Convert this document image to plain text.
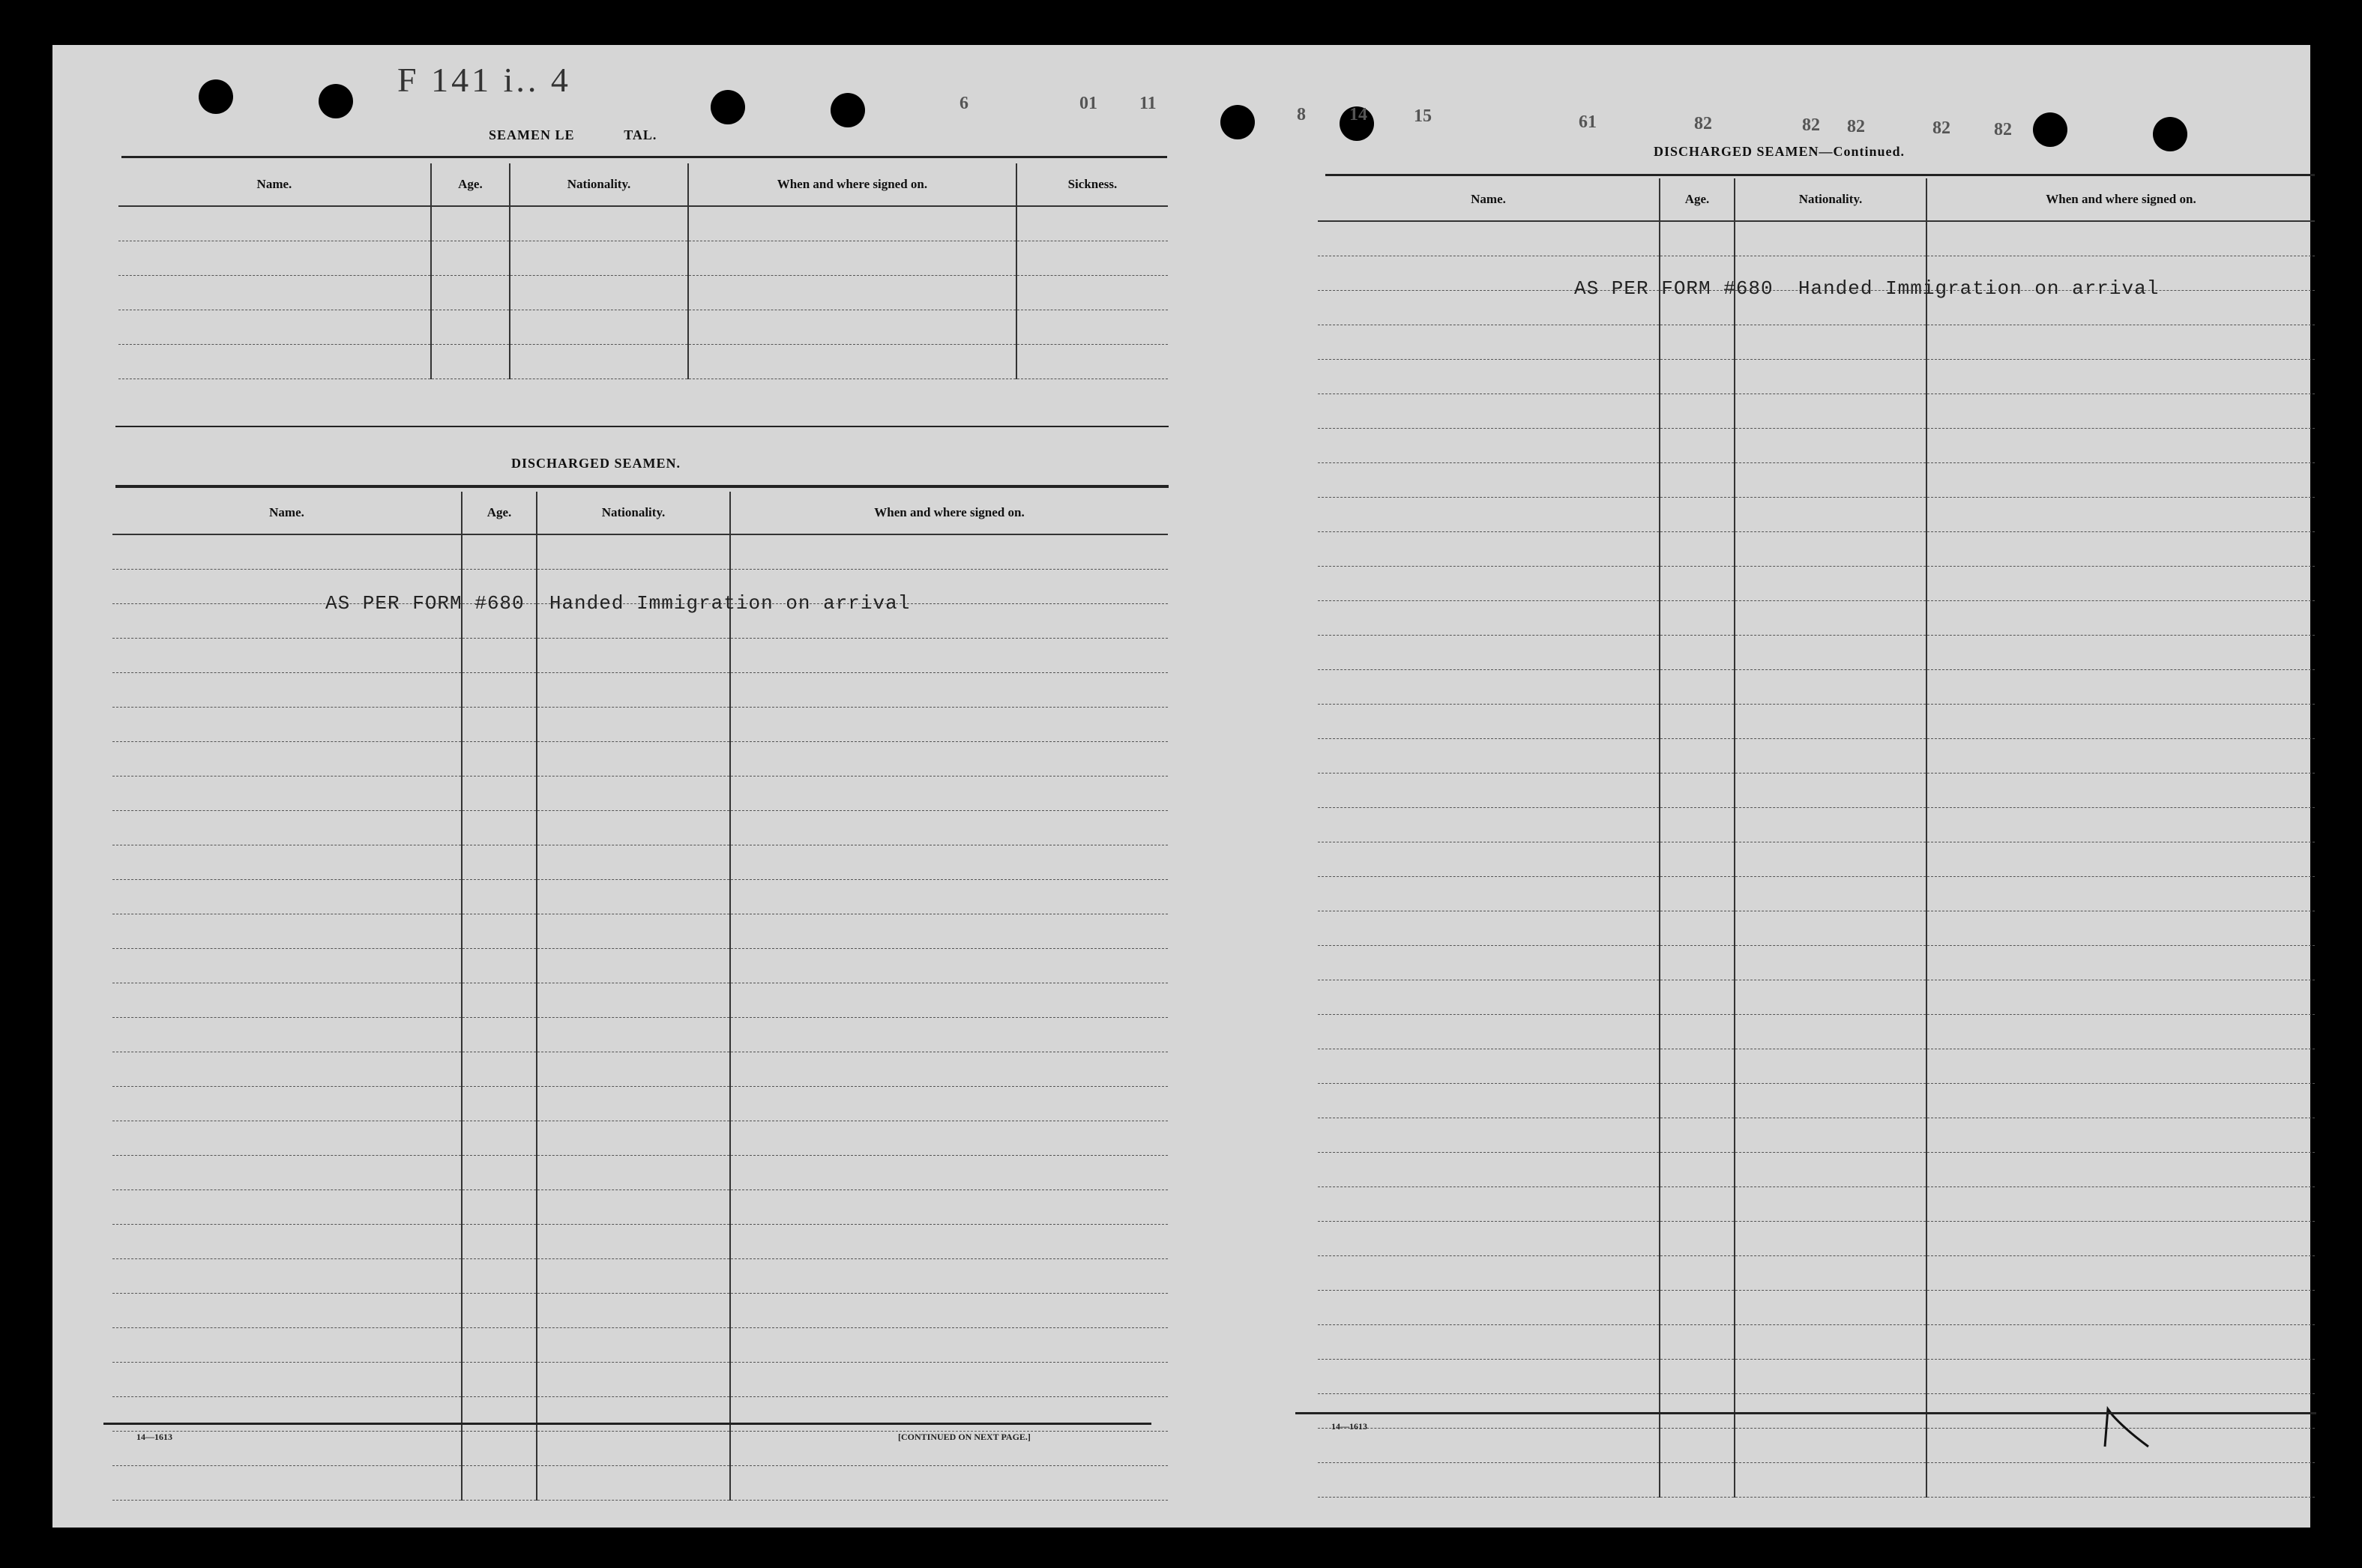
F 141 i.. 4
6	01 11
SEAMEN LE            TAL.
Name.	Age.	Nationality.	When and where signed on.	Sickness.

DISCHARGED SEAMEN.
Name.	Age.	Nationality.	When and where signed on.

AS PER FORM #680  Handed Immigration on arrival
14—1613	[CONTINUED ON NEXT PAGE.]
8 14	15	61	82	82 82	82 82
DISCHARGED SEAMEN—Continued.
Name.	Age.	Nationality.	When and where signed on.

AS PER FORM #680  Handed Immigration on arrival
14—1613
